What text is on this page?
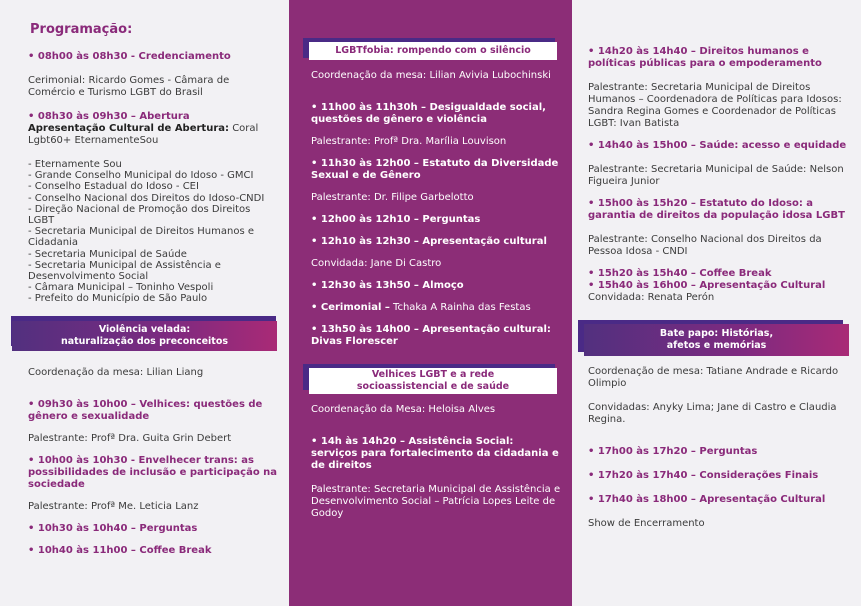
Programação:
• 08h00 às 08h30 - Credenciamento
Cerimonial: Ricardo Gomes - Câmara de Comércio e Turismo LGBT do Brasil
• 08h30 às 09h30 – Abertura
Apresentação Cultural de Abertura: Coral Lgbt60+ EternamenteSou
- Eternamente Sou
- Grande Conselho Municipal do Idoso - GMCI
- Conselho Estadual do Idoso - CEI
- Conselho Nacional dos Direitos do Idoso-CNDI
- Direção Nacional de Promoção dos Direitos LGBT
- Secretaria Municipal de Direitos Humanos e Cidadania
- Secretaria Municipal de Saúde
- Secretaria Municipal de Assistência e Desenvolvimento Social
- Câmara Municipal – Toninho Vespoli
- Prefeito do Município de São Paulo
Violência velada:
naturalização dos preconceitos
Coordenação da mesa: Lilian Liang
• 09h30 às 10h00 – Velhices: questões de gênero e sexualidade
Palestrante: Profª Dra. Guita Grin Debert
• 10h00 às 10h30 - Envelhecer trans: as possibilidades de inclusão e participação na sociedade
Palestrante: Profª Me. Leticia Lanz
• 10h30 às 10h40 – Perguntas
• 10h40 às 11h00 – Coffee Break
LGBTfobia: rompendo com o silêncio
Coordenação da mesa: Lilian Avivia Lubochinski
• 11h00 às 11h30h – Desigualdade social, questões de gênero e violência
Palestrante: Profª Dra. Marília Louvison
• 11h30 às 12h00 – Estatuto da Diversidade Sexual e de Gênero
Palestrante: Dr. Filipe Garbelotto
• 12h00 às 12h10 – Perguntas
• 12h10 às 12h30 – Apresentação cultural
Convidada: Jane Di Castro
• 12h30 às 13h50 – Almoço
• Cerimonial – Tchaka A Rainha das Festas
• 13h50 às 14h00 – Apresentação cultural: Divas Florescer
Velhices LGBT e a rede
socioassistencial e de saúde
Coordenação da Mesa: Heloisa Alves
• 14h às 14h20 – Assistência Social: serviços para fortalecimento da cidadania e de direitos
Palestrante: Secretaria Municipal de Assistência e Desenvolvimento Social – Patrícia Lopes Leite de Godoy
• 14h20 às 14h40 – Direitos humanos e políticas públicas para o empoderamento
Palestrante: Secretaria Municipal de Direitos Humanos – Coordenadora de Políticas para Idosos: Sandra Regina Gomes e Coordenador de Políticas LGBT: Ivan Batista
• 14h40 às 15h00 – Saúde: acesso e equidade
Palestrante: Secretaria Municipal de Saúde: Nelson Figueira Junior
• 15h00 às 15h20 – Estatuto do Idoso: a garantia de direitos da população idosa LGBT
Palestrante: Conselho Nacional dos Direitos da Pessoa Idosa - CNDI
• 15h20 às 15h40 – Coffee Break
• 15h40 às 16h00 – Apresentação Cultural
Convidada: Renata Perón
Bate papo: Histórias,
afetos e memórias
Coordenação de mesa: Tatiane Andrade e Ricardo Olimpio
Convidadas: Anyky Lima; Jane di Castro e Claudia Regina.
• 17h00 às 17h20 – Perguntas
• 17h20 às 17h40 – Considerações Finais
• 17h40 às 18h00 – Apresentação Cultural
Show de Encerramento
